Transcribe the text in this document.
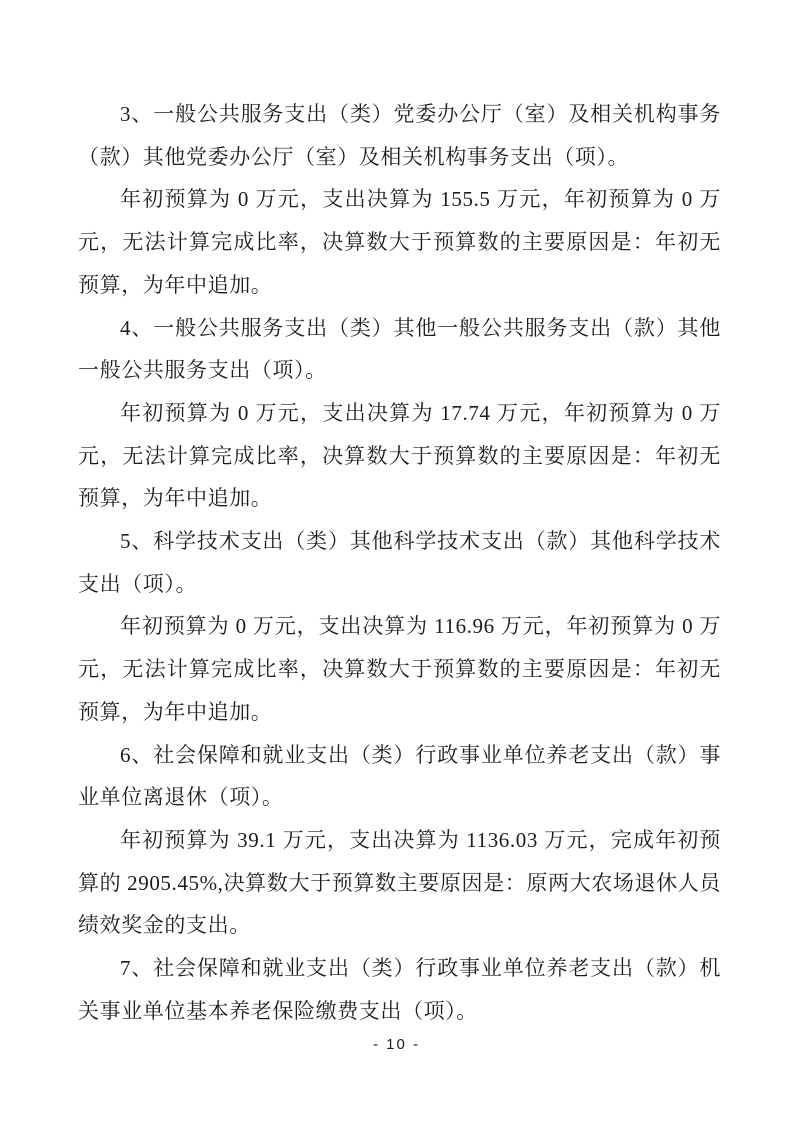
3、一般公共服务支出（类）党委办公厅（室）及相关机构事务（款）其他党委办公厅（室）及相关机构事务支出（项）。

年初预算为 0 万元，支出决算为 155.5 万元，年初预算为 0 万元，无法计算完成比率，决算数大于预算数的主要原因是：年初无预算，为年中追加。

4、一般公共服务支出（类）其他一般公共服务支出（款）其他一般公共服务支出（项）。

年初预算为 0 万元，支出决算为 17.74 万元，年初预算为 0 万元，无法计算完成比率，决算数大于预算数的主要原因是：年初无预算，为年中追加。

5、科学技术支出（类）其他科学技术支出（款）其他科学技术支出（项）。

年初预算为 0 万元，支出决算为 116.96 万元，年初预算为 0 万元，无法计算完成比率，决算数大于预算数的主要原因是：年初无预算，为年中追加。

6、社会保障和就业支出（类）行政事业单位养老支出（款）事业单位离退休（项）。

年初预算为 39.1 万元，支出决算为 1136.03 万元，完成年初预算的 2905.45%,决算数大于预算数主要原因是：原两大农场退休人员绩效奖金的支出。

7、社会保障和就业支出（类）行政事业单位养老支出（款）机关事业单位基本养老保险缴费支出（项）。

- 10 -
